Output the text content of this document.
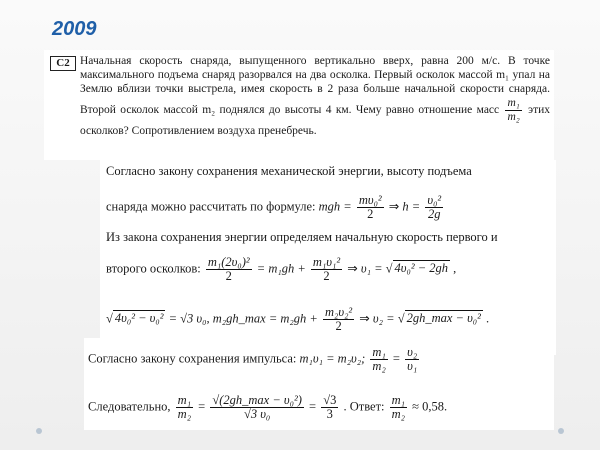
2009
C2 Начальная скорость снаряда, выпущенного вертикально вверх, равна 200 м/с. В точке максимального подъема снаряд разорвался на два осколка. Первый осколок массой m₁ упал на Землю вблизи точки выстрела, имея скорость в 2 раза больше начальной скорости снаряда. Второй осколок массой m₂ поднялся до высоты 4 км. Чему равно отношение масс $\frac{\text{m₁}}{\text{m₂}}$ этих осколков? Сопротивлением воздуха пренебречь.
Согласно закону сохранения механической энергии, высоту подъема
снаряда можно рассчитать по формуле: mgh = $\frac{\text{mυ₀²}}{2}$ ⇒ $h = \frac{\text{υ₀²}}{2g}$
Из закона сохранения энергии определяем начальную скорость первого и
второго осколков: $\frac{\text{m₁(2υ₀)²}}{2} = m_1gh + \frac{\text{m₁υ₁²}}{2}$ ⇒ υ₁ = √ 4υ₀² − 2gh ,
√ 4υ₀² − υ₀² = √3 υ₀, m₂gh_max = $m_2gh + \frac{\text{m₂υ₂²}}{2}$ ⇒ υ₂ = √ 2gh_max − υ₀² .
Согласно закону сохранения импульса: m₁υ₁ = m₂υ₂; $\frac{\text{m₁}}{\text{m₂}} = \frac{\text{υ₂}}{\text{υ₁}}$
Следовательно, $\frac{\text{m₁}}{\text{m₂}} = \frac{\text{√(2gh\_max − υ₀²)}}{\text{√3 υ₀}} = \frac{√3}{3}$ . Ответ: $\frac{\text{m₁}}{\text{m₂}} \approx 0,58$.
